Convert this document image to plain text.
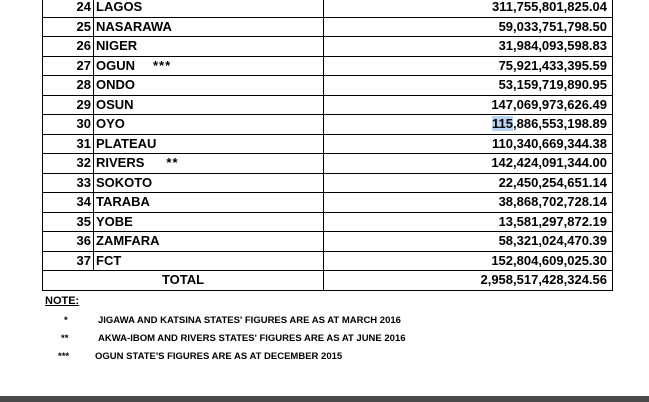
24	LAGOS	311,755,801,825.04
25	NASARAWA	59,033,751,798.50
26	NIGER	31,984,093,598.83
27	OGUN ***	75,921,433,395.59
28	ONDO	53,159,719,890.95
29	OSUN	147,069,973,626.49
30	OYO	115,886,553,198.89
31	PLATEAU	110,340,669,344.38
32	RIVERS **	142,424,091,344.00
33	SOKOTO	22,450,254,651.14
34	TARABA	38,868,702,728.14
35	YOBE	13,581,297,872.19
36	ZAMFARA	58,321,024,470.39
37	FCT	152,804,609,025.30
TOTAL		2,958,517,428,324.56
NOTE:
*	JIGAWA AND KATSINA STATES' FIGURES ARE AS AT MARCH 2016
**	AKWA-IBOM AND RIVERS STATES' FIGURES ARE AS AT JUNE 2016
***	OGUN STATE'S FIGURES ARE AS AT DECEMBER 2015
